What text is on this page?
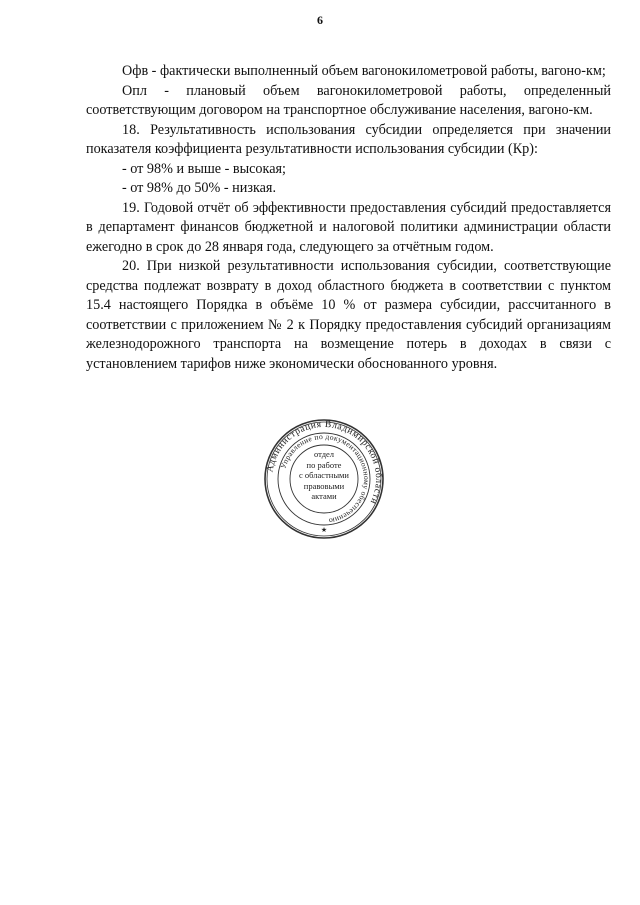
6

Офв - фактически выполненный объем вагонокилометровой работы, вагоно-км;

Опл - плановый объем вагонокилометровой работы, определенный соответствующим договором на транспортное обслуживание населения, вагоно-км.

18. Результативность использования субсидии определяется при значении показателя коэффициента результативности использования субсидии (Кр):

- от 98% и выше - высокая;

- от 98% до 50% - низкая.

19. Годовой отчёт об эффективности предоставления субсидий предоставляется в департамент финансов бюджетной и налоговой политики администрации области ежегодно в срок до 28 января года, следующего за отчётным годом.

20. При низкой результативности использования субсидии, соответствующие средства подлежат возврату в доход областного бюджета в соответствии с пунктом 15.4 настоящего Порядка в объёме 10 % от размера субсидии, рассчитанного в соответствии с приложением № 2 к Порядку предоставления субсидий организациям железнодорожного транспорта на возмещение потерь в доходах в связи с установлением тарифов ниже экономически обоснованного уровня.

Администрация Владимирской области
Управление по документационному обеспечению
★
отдел
по работе
с областными
правовыми
актами
